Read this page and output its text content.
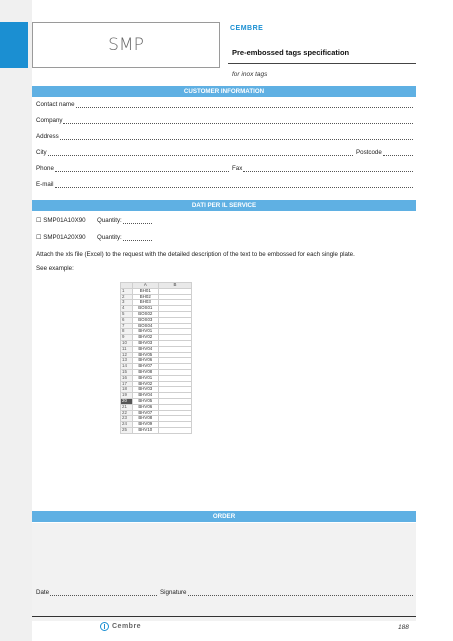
SMP
CEMBRE
Pre-embossed tags specification
for inox tags
CUSTOMER INFORMATION
Contact name
Company
Address
City	Postcode
Phone	Fax
E-mail
DATI PER IL SERVICE
☐ SMP01A10X90 Quantity:
☐ SMP01A20X90 Quantity:
Attach the xls file (Excel) to the request with the detailed description of the text to be embossed for each single plate.
See example:
	A	B
1	BH01	
2	BH02	
3	BH03	
4	BOS01	
5	BOS02	
6	BOS03	
7	BOS04	
8	BHV01	
9	BHV02	
10	BHV03	
11	BHV04	
12	BHV05	
13	BHV06	
14	BHV07	
15	BHV08	
16	BHV01	
17	BHV02	
18	BHV03	
19	BHV04	
20	BHV05	
21	BHV06	
22	BHV07	
23	BHV08	
24	BHV09	
25	BHV10	
ORDER
Date	Signature
Cembre	188
